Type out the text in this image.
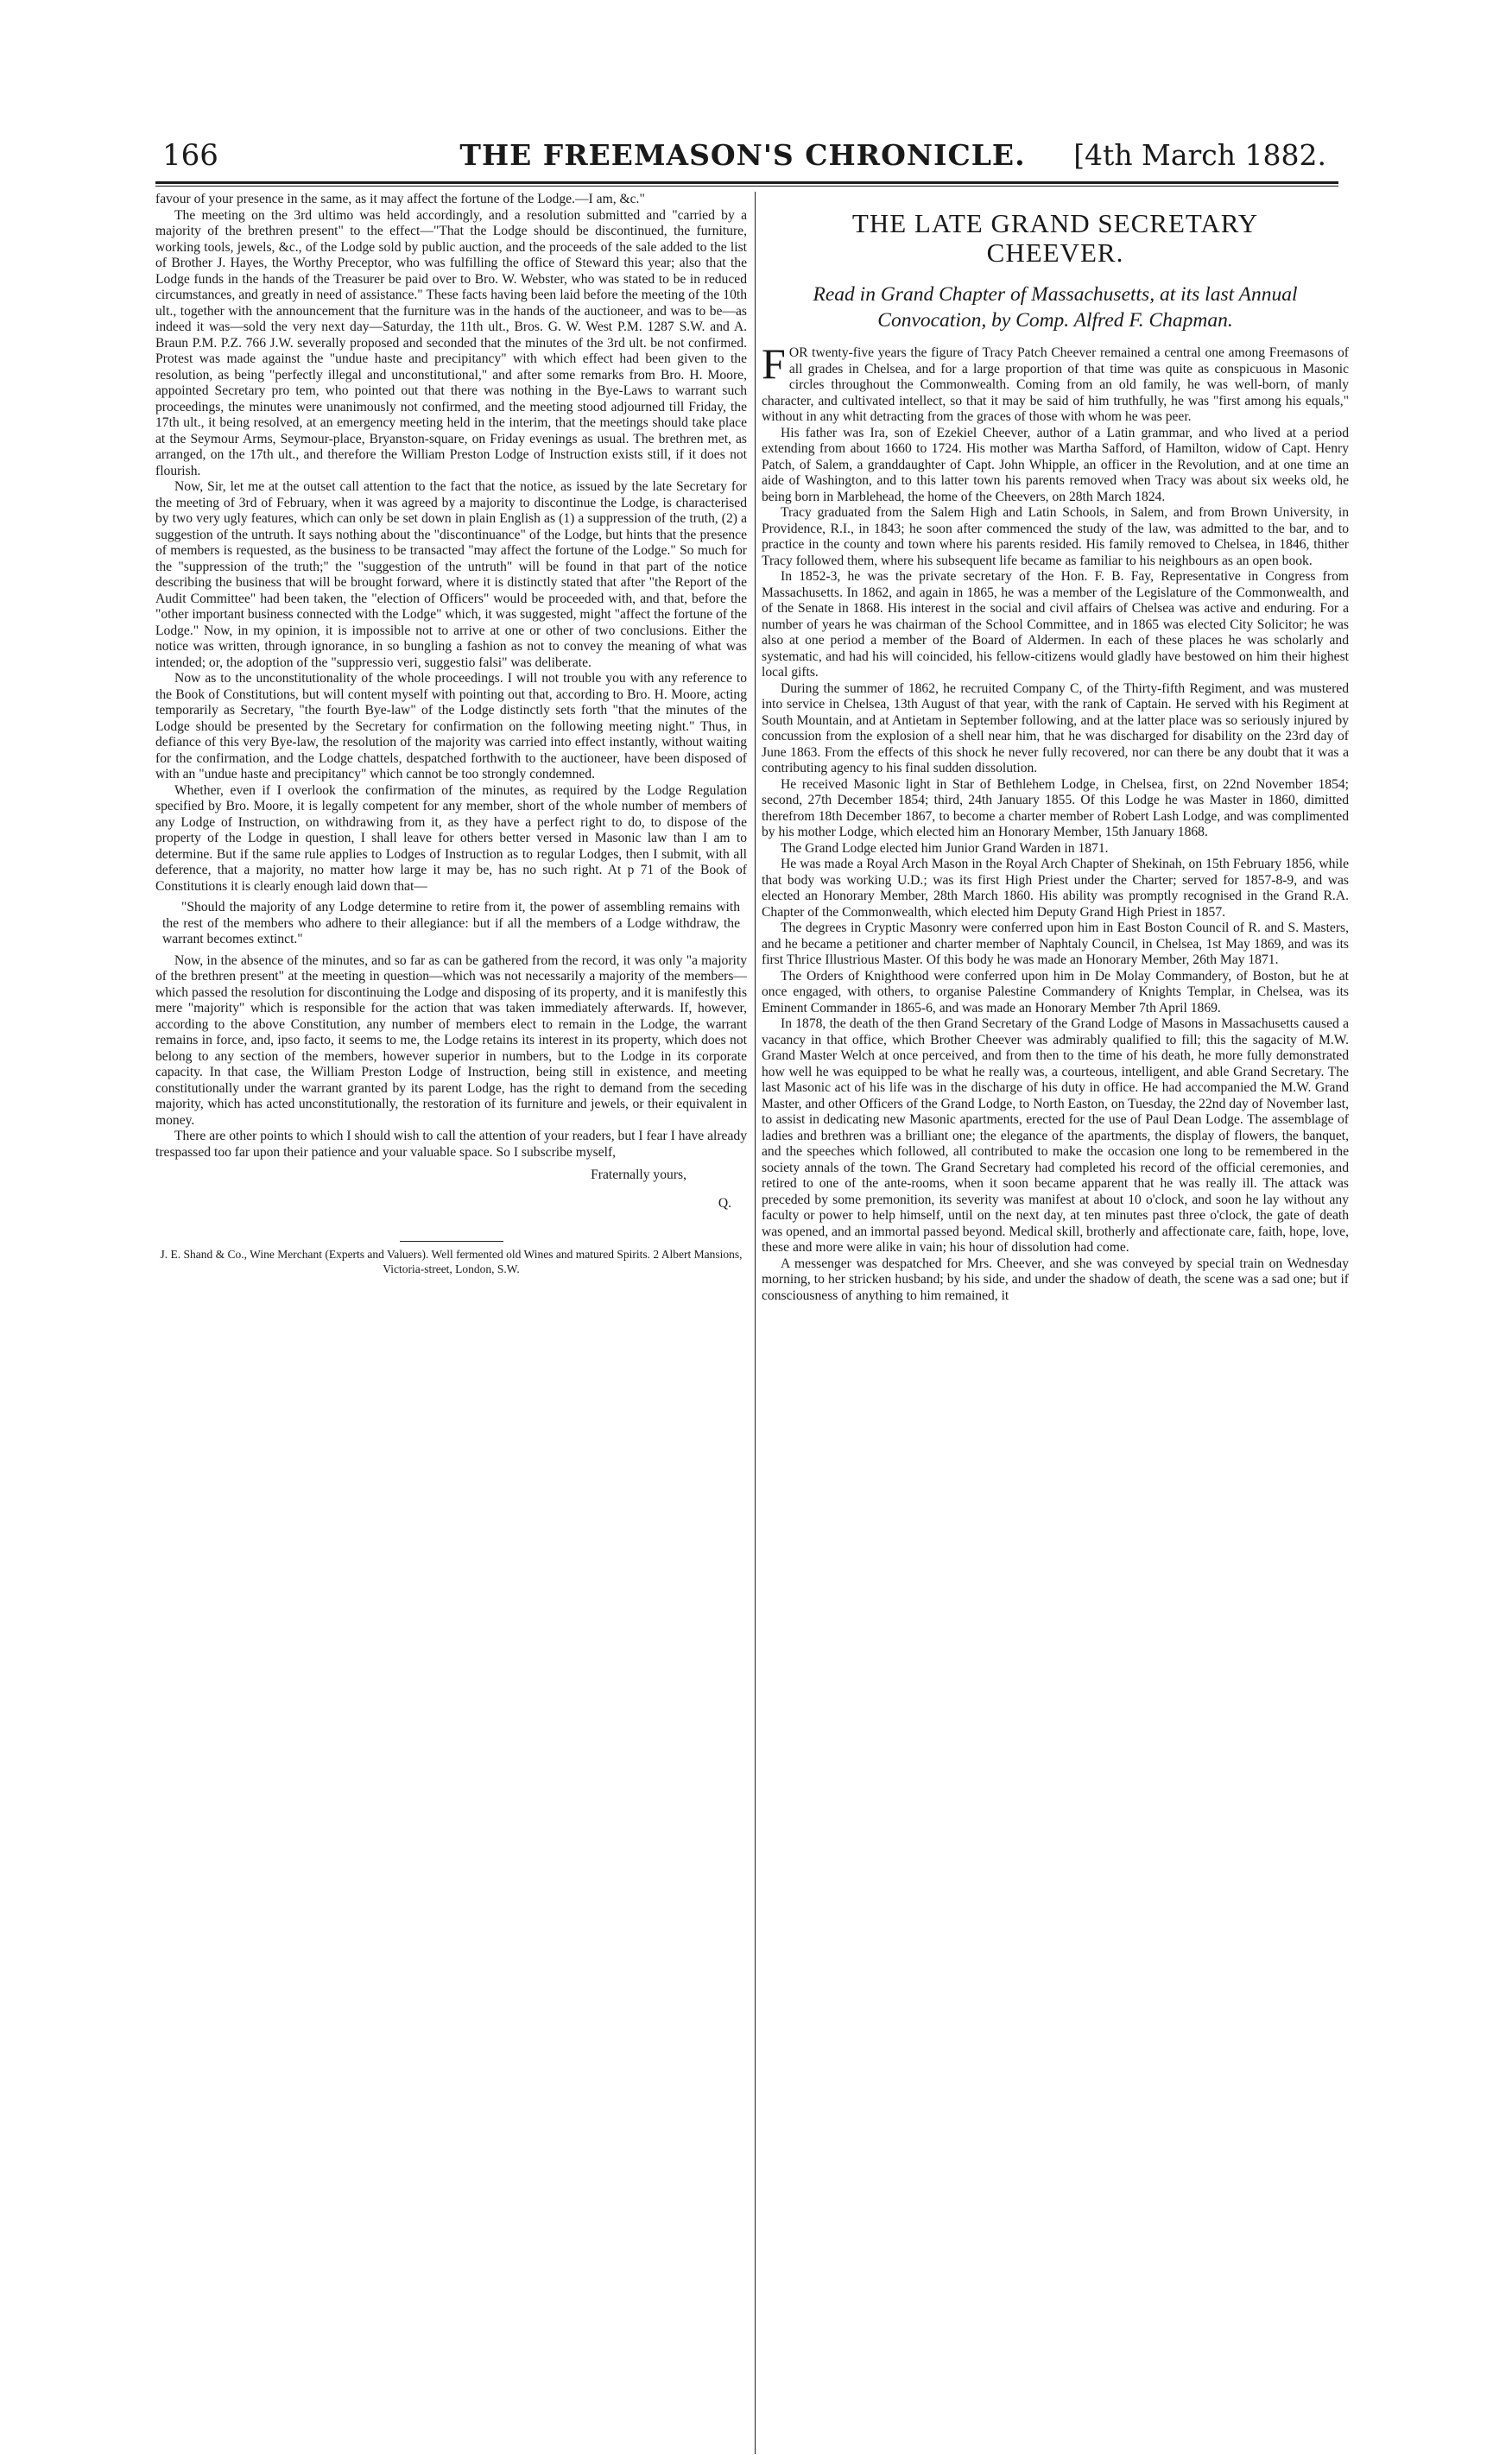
166	THE FREEMASON'S CHRONICLE.	[4th March 1882.

favour of your presence in the same, as it may affect the fortune of the Lodge.—I am, &c."

The meeting on the 3rd ultimo was held accordingly, and a resolution submitted and "carried by a majority of the brethren present" to the effect—"That the Lodge should be discontinued, the furniture, working tools, jewels, &c., of the Lodge sold by public auction, and the proceeds of the sale added to the list of Brother J. Hayes, the Worthy Preceptor, who was fulfilling the office of Steward this year; also that the Lodge funds in the hands of the Treasurer be paid over to Bro. W. Webster, who was stated to be in reduced circumstances, and greatly in need of assistance." These facts having been laid before the meeting of the 10th ult., together with the announcement that the furniture was in the hands of the auctioneer, and was to be—as indeed it was—sold the very next day—Saturday, the 11th ult., Bros. G. W. West P.M. 1287 S.W. and A. Braun P.M. P.Z. 766 J.W. severally proposed and seconded that the minutes of the 3rd ult. be not confirmed. Protest was made against the "undue haste and precipitancy" with which effect had been given to the resolution, as being "perfectly illegal and unconstitutional," and after some remarks from Bro. H. Moore, appointed Secretary pro tem, who pointed out that there was nothing in the Bye-Laws to warrant such proceedings, the minutes were unanimously not confirmed, and the meeting stood adjourned till Friday, the 17th ult., it being resolved, at an emergency meeting held in the interim, that the meetings should take place at the Seymour Arms, Seymour-place, Bryanston-square, on Friday evenings as usual. The brethren met, as arranged, on the 17th ult., and therefore the William Preston Lodge of Instruction exists still, if it does not flourish.

Now, Sir, let me at the outset call attention to the fact that the notice, as issued by the late Secretary for the meeting of 3rd of February, when it was agreed by a majority to discontinue the Lodge, is characterised by two very ugly features, which can only be set down in plain English as (1) a suppression of the truth, (2) a suggestion of the untruth. It says nothing about the "discontinuance" of the Lodge, but hints that the presence of members is requested, as the business to be transacted "may affect the fortune of the Lodge." So much for the "suppression of the truth;" the "suggestion of the untruth" will be found in that part of the notice describing the business that will be brought forward, where it is distinctly stated that after "the Report of the Audit Committee" had been taken, the "election of Officers" would be proceeded with, and that, before the "other important business connected with the Lodge" which, it was suggested, might "affect the fortune of the Lodge." Now, in my opinion, it is impossible not to arrive at one or other of two conclusions. Either the notice was written, through ignorance, in so bungling a fashion as not to convey the meaning of what was intended; or, the adoption of the "suppressio veri, suggestio falsi" was deliberate.

Now as to the unconstitutionality of the whole proceedings. I will not trouble you with any reference to the Book of Constitutions, but will content myself with pointing out that, according to Bro. H. Moore, acting temporarily as Secretary, "the fourth Bye-law" of the Lodge distinctly sets forth "that the minutes of the Lodge should be presented by the Secretary for confirmation on the following meeting night." Thus, in defiance of this very Bye-law, the resolution of the majority was carried into effect instantly, without waiting for the confirmation, and the Lodge chattels, despatched forthwith to the auctioneer, have been disposed of with an "undue haste and precipitancy" which cannot be too strongly condemned.

Whether, even if I overlook the confirmation of the minutes, as required by the Lodge Regulation specified by Bro. Moore, it is legally competent for any member, short of the whole number of members of any Lodge of Instruction, on withdrawing from it, as they have a perfect right to do, to dispose of the property of the Lodge in question, I shall leave for others better versed in Masonic law than I am to determine. But if the same rule applies to Lodges of Instruction as to regular Lodges, then I submit, with all deference, that a majority, no matter how large it may be, has no such right. At p 71 of the Book of Constitutions it is clearly enough laid down that—

"Should the majority of any Lodge determine to retire from it, the power of assembling remains with the rest of the members who adhere to their allegiance: but if all the members of a Lodge withdraw, the warrant becomes extinct."

Now, in the absence of the minutes, and so far as can be gathered from the record, it was only "a majority of the brethren present" at the meeting in question—which was not necessarily a majority of the members—which passed the resolution for discontinuing the Lodge and disposing of its property, and it is manifestly this mere "majority" which is responsible for the action that was taken immediately afterwards. If, however, according to the above Constitution, any number of members elect to remain in the Lodge, the warrant remains in force, and, ipso facto, it seems to me, the Lodge retains its interest in its property, which does not belong to any section of the members, however superior in numbers, but to the Lodge in its corporate capacity. In that case, the William Preston Lodge of Instruction, being still in existence, and meeting constitutionally under the warrant granted by its parent Lodge, has the right to demand from the seceding majority, which has acted unconstitutionally, the restoration of its furniture and jewels, or their equivalent in money.

There are other points to which I should wish to call the attention of your readers, but I fear I have already trespassed too far upon their patience and your valuable space. So I subscribe myself,

Fraternally yours,

Q.

J. E. Shand & Co., Wine Merchant (Experts and Valuers). Well fermented old Wines and matured Spirits. 2 Albert Mansions, Victoria-street, London, S.W.

THE LATE GRAND SECRETARY
CHEEVER.
Read in Grand Chapter of Massachusetts, at its last Annual Convocation, by Comp. Alfred F. Chapman.

FOR twenty-five years the figure of Tracy Patch Cheever remained a central one among Freemasons of all grades in Chelsea, and for a large proportion of that time was quite as conspicuous in Masonic circles throughout the Commonwealth. Coming from an old family, he was well-born, of manly character, and cultivated intellect, so that it may be said of him truthfully, he was "first among his equals," without in any whit detracting from the graces of those with whom he was peer.

His father was Ira, son of Ezekiel Cheever, author of a Latin grammar, and who lived at a period extending from about 1660 to 1724. His mother was Martha Safford, of Hamilton, widow of Capt. Henry Patch, of Salem, a granddaughter of Capt. John Whipple, an officer in the Revolution, and at one time an aide of Washington, and to this latter town his parents removed when Tracy was about six weeks old, he being born in Marblehead, the home of the Cheevers, on 28th March 1824.

Tracy graduated from the Salem High and Latin Schools, in Salem, and from Brown University, in Providence, R.I., in 1843; he soon after commenced the study of the law, was admitted to the bar, and to practice in the county and town where his parents resided. His family removed to Chelsea, in 1846, thither Tracy followed them, where his subsequent life became as familiar to his neighbours as an open book.

In 1852-3, he was the private secretary of the Hon. F. B. Fay, Representative in Congress from Massachusetts. In 1862, and again in 1865, he was a member of the Legislature of the Commonwealth, and of the Senate in 1868. His interest in the social and civil affairs of Chelsea was active and enduring. For a number of years he was chairman of the School Committee, and in 1865 was elected City Solicitor; he was also at one period a member of the Board of Aldermen. In each of these places he was scholarly and systematic, and had his will coincided, his fellow-citizens would gladly have bestowed on him their highest local gifts.

During the summer of 1862, he recruited Company C, of the Thirty-fifth Regiment, and was mustered into service in Chelsea, 13th August of that year, with the rank of Captain. He served with his Regiment at South Mountain, and at Antietam in September following, and at the latter place was so seriously injured by concussion from the explosion of a shell near him, that he was discharged for disability on the 23rd day of June 1863. From the effects of this shock he never fully recovered, nor can there be any doubt that it was a contributing agency to his final sudden dissolution.

He received Masonic light in Star of Bethlehem Lodge, in Chelsea, first, on 22nd November 1854; second, 27th December 1854; third, 24th January 1855. Of this Lodge he was Master in 1860, dimitted therefrom 18th December 1867, to become a charter member of Robert Lash Lodge, and was complimented by his mother Lodge, which elected him an Honorary Member, 15th January 1868.

The Grand Lodge elected him Junior Grand Warden in 1871.

He was made a Royal Arch Mason in the Royal Arch Chapter of Shekinah, on 15th February 1856, while that body was working U.D.; was its first High Priest under the Charter; served for 1857-8-9, and was elected an Honorary Member, 28th March 1860. His ability was promptly recognised in the Grand R.A. Chapter of the Commonwealth, which elected him Deputy Grand High Priest in 1857.

The degrees in Cryptic Masonry were conferred upon him in East Boston Council of R. and S. Masters, and he became a petitioner and charter member of Naphtaly Council, in Chelsea, 1st May 1869, and was its first Thrice Illustrious Master. Of this body he was made an Honorary Member, 26th May 1871.

The Orders of Knighthood were conferred upon him in De Molay Commandery, of Boston, but he at once engaged, with others, to organise Palestine Commandery of Knights Templar, in Chelsea, was its Eminent Commander in 1865-6, and was made an Honorary Member 7th April 1869.

In 1878, the death of the then Grand Secretary of the Grand Lodge of Masons in Massachusetts caused a vacancy in that office, which Brother Cheever was admirably qualified to fill; this the sagacity of M.W. Grand Master Welch at once perceived, and from then to the time of his death, he more fully demonstrated how well he was equipped to be what he really was, a courteous, intelligent, and able Grand Secretary. The last Masonic act of his life was in the discharge of his duty in office. He had accompanied the M.W. Grand Master, and other Officers of the Grand Lodge, to North Easton, on Tuesday, the 22nd day of November last, to assist in dedicating new Masonic apartments, erected for the use of Paul Dean Lodge. The assemblage of ladies and brethren was a brilliant one; the elegance of the apartments, the display of flowers, the banquet, and the speeches which followed, all contributed to make the occasion one long to be remembered in the society annals of the town. The Grand Secretary had completed his record of the official ceremonies, and retired to one of the ante-rooms, when it soon became apparent that he was really ill. The attack was preceded by some premonition, its severity was manifest at about 10 o'clock, and soon he lay without any faculty or power to help himself, until on the next day, at ten minutes past three o'clock, the gate of death was opened, and an immortal passed beyond. Medical skill, brotherly and affectionate care, faith, hope, love, these and more were alike in vain; his hour of dissolution had come.

A messenger was despatched for Mrs. Cheever, and she was conveyed by special train on Wednesday morning, to her stricken husband; by his side, and under the shadow of death, the scene was a sad one; but if consciousness of anything to him remained, it
